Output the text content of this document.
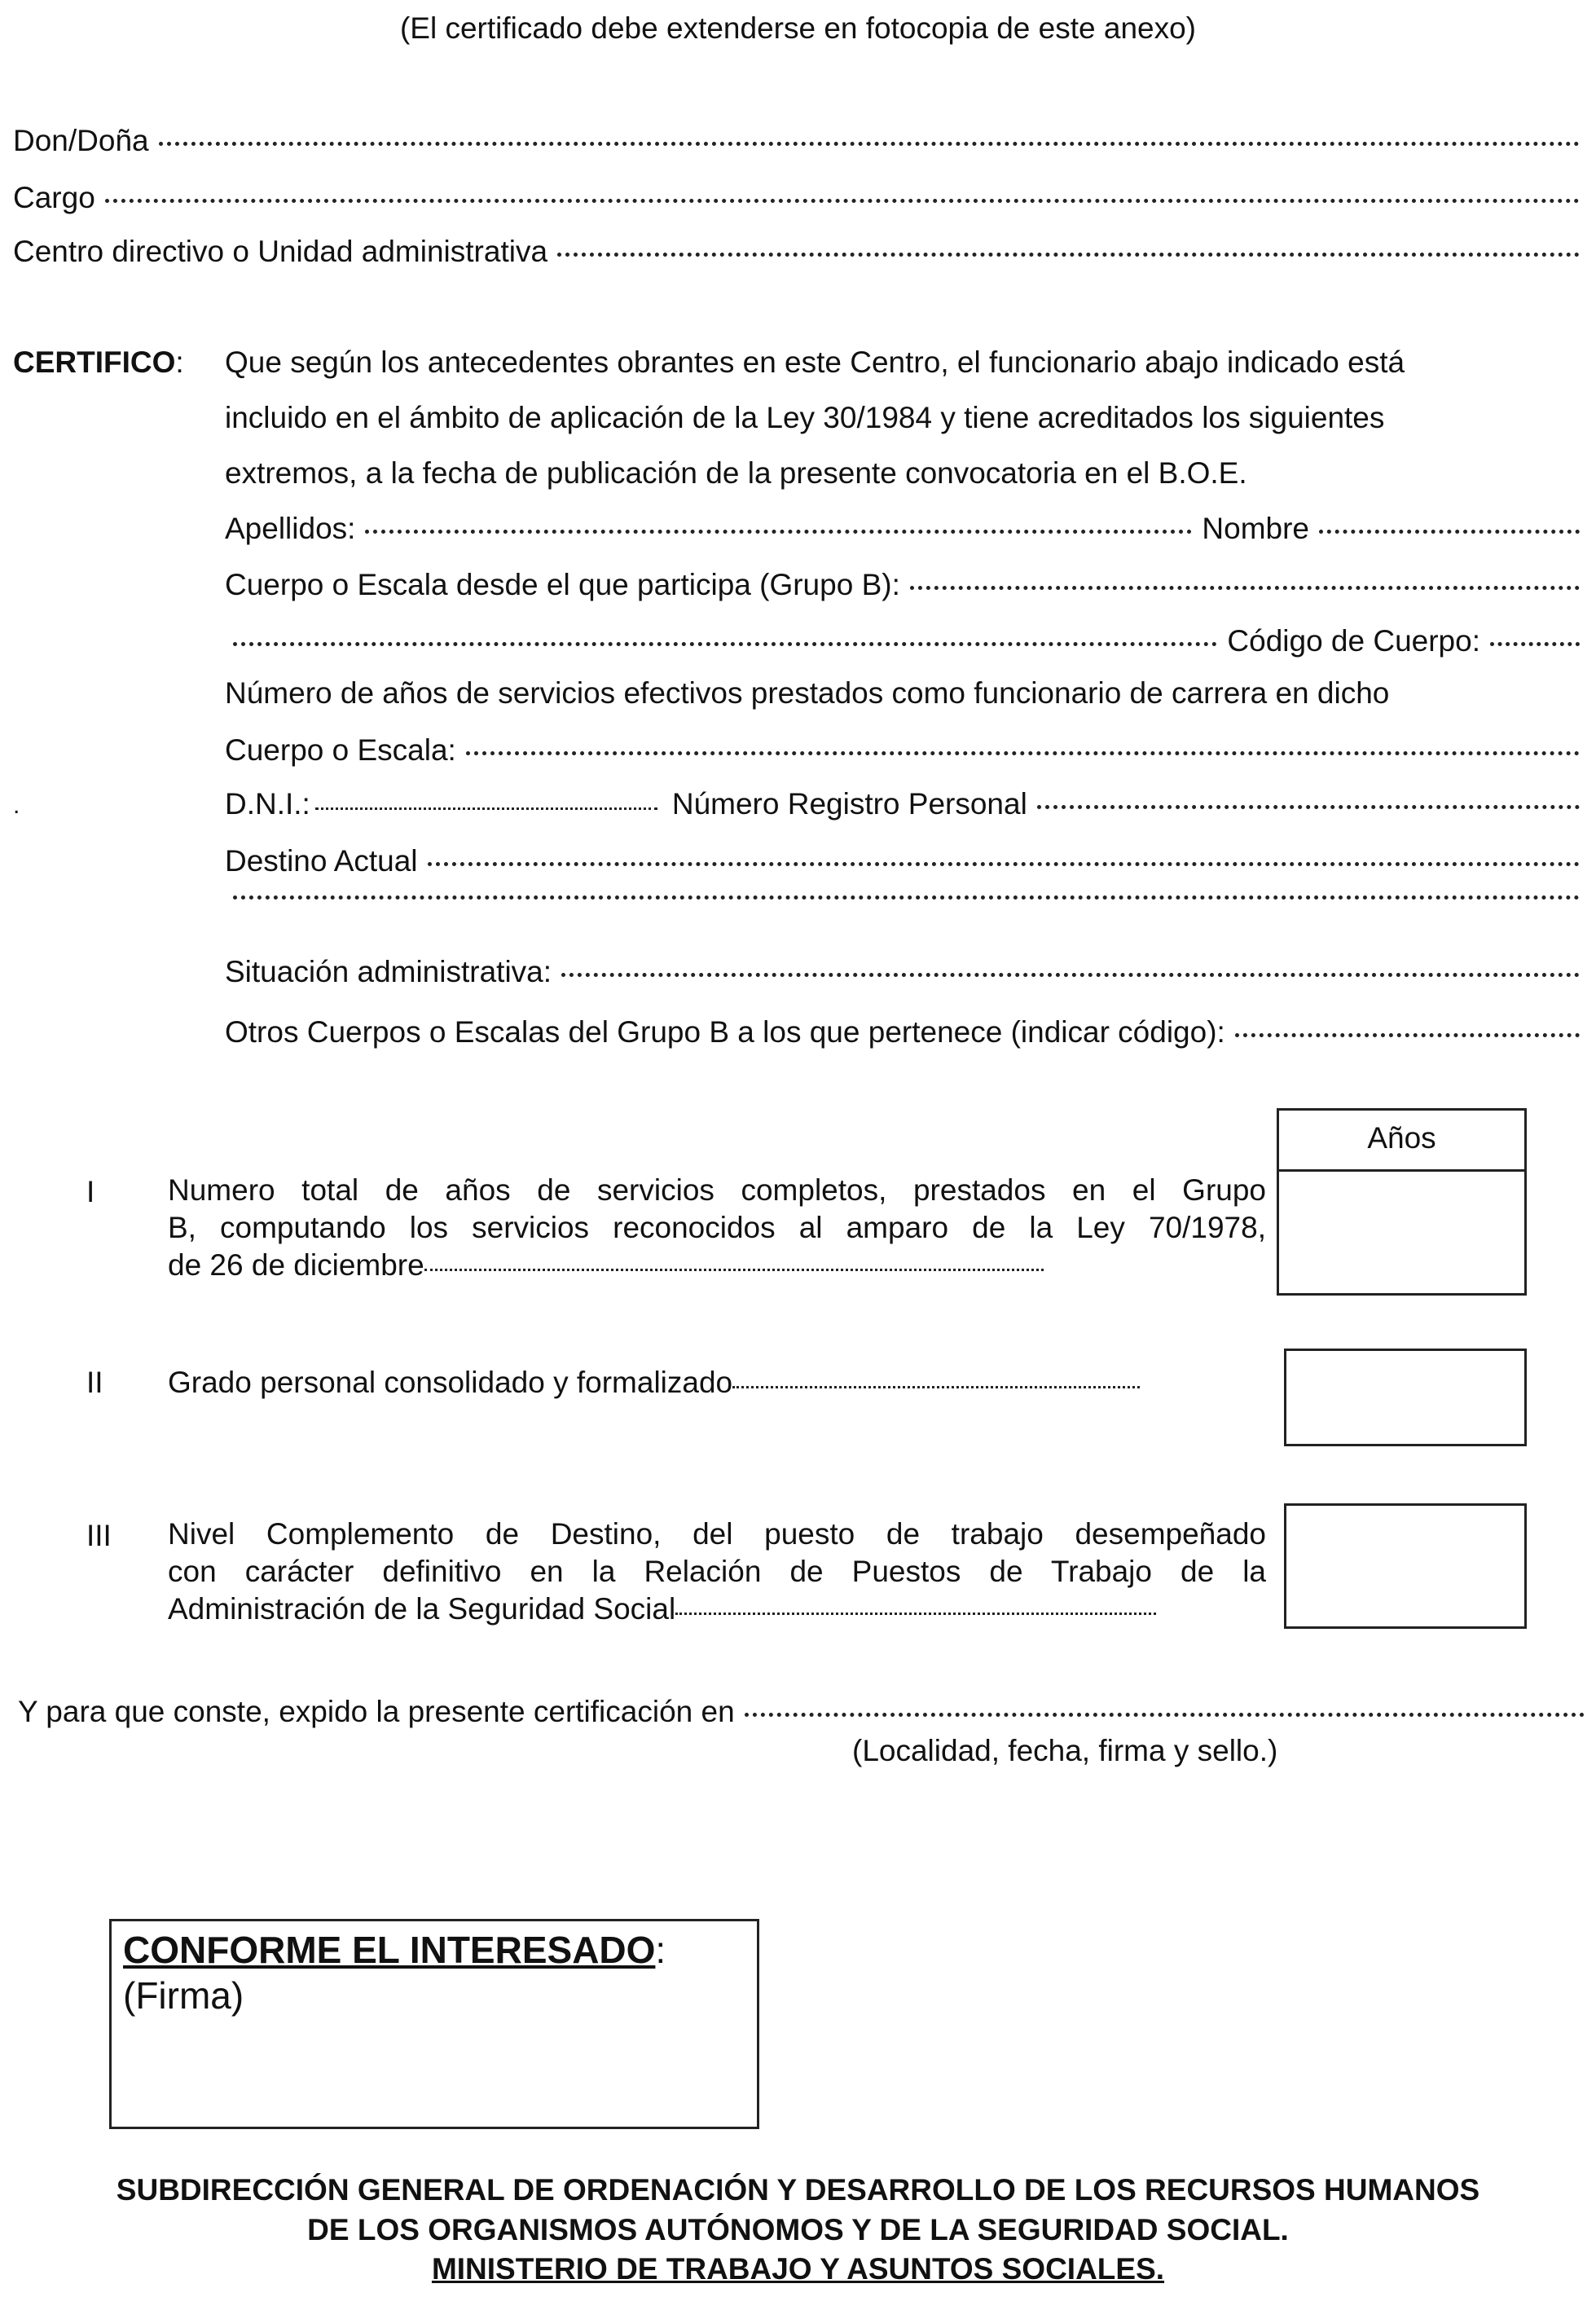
(El certificado debe extenderse en fotocopia de este anexo)
Don/Doña
Cargo
Centro directivo o Unidad administrativa
CERTIFICO: Que según los antecedentes obrantes en este Centro, el funcionario abajo indicado está
incluido en el ámbito de aplicación de la Ley 30/1984 y tiene acreditados los siguientes
extremos, a la fecha de publicación de la presente convocatoria en el B.O.E.
Apellidos:	Nombre
Cuerpo o Escala desde el que participa (Grupo B):
Código de Cuerpo:
Número de años de servicios efectivos prestados como funcionario de carrera en dicho
Cuerpo o Escala:
.	D.N.I.:	Número Registro Personal
Destino Actual
Situación administrativa:
Otros Cuerpos o Escalas del Grupo B a los que pertenece (indicar código):
Años
I Numero total de años de servicios completos, prestados en el Grupo
B, computando los servicios reconocidos al amparo de la Ley 70/1978,
de 26 de diciembre
II Grado personal consolidado y formalizado
III Nivel Complemento de Destino, del puesto de trabajo desempeñado
con carácter definitivo en la Relación de Puestos de Trabajo de la
Administración de la Seguridad Social
Y para que conste, expido la presente certificación en
(Localidad, fecha, firma y sello.)
CONFORME EL INTERESADO:
(Firma)
SUBDIRECCIÓN GENERAL DE ORDENACIÓN Y DESARROLLO DE LOS RECURSOS HUMANOS
DE LOS ORGANISMOS AUTÓNOMOS Y DE LA SEGURIDAD SOCIAL.
MINISTERIO DE TRABAJO Y ASUNTOS SOCIALES.
